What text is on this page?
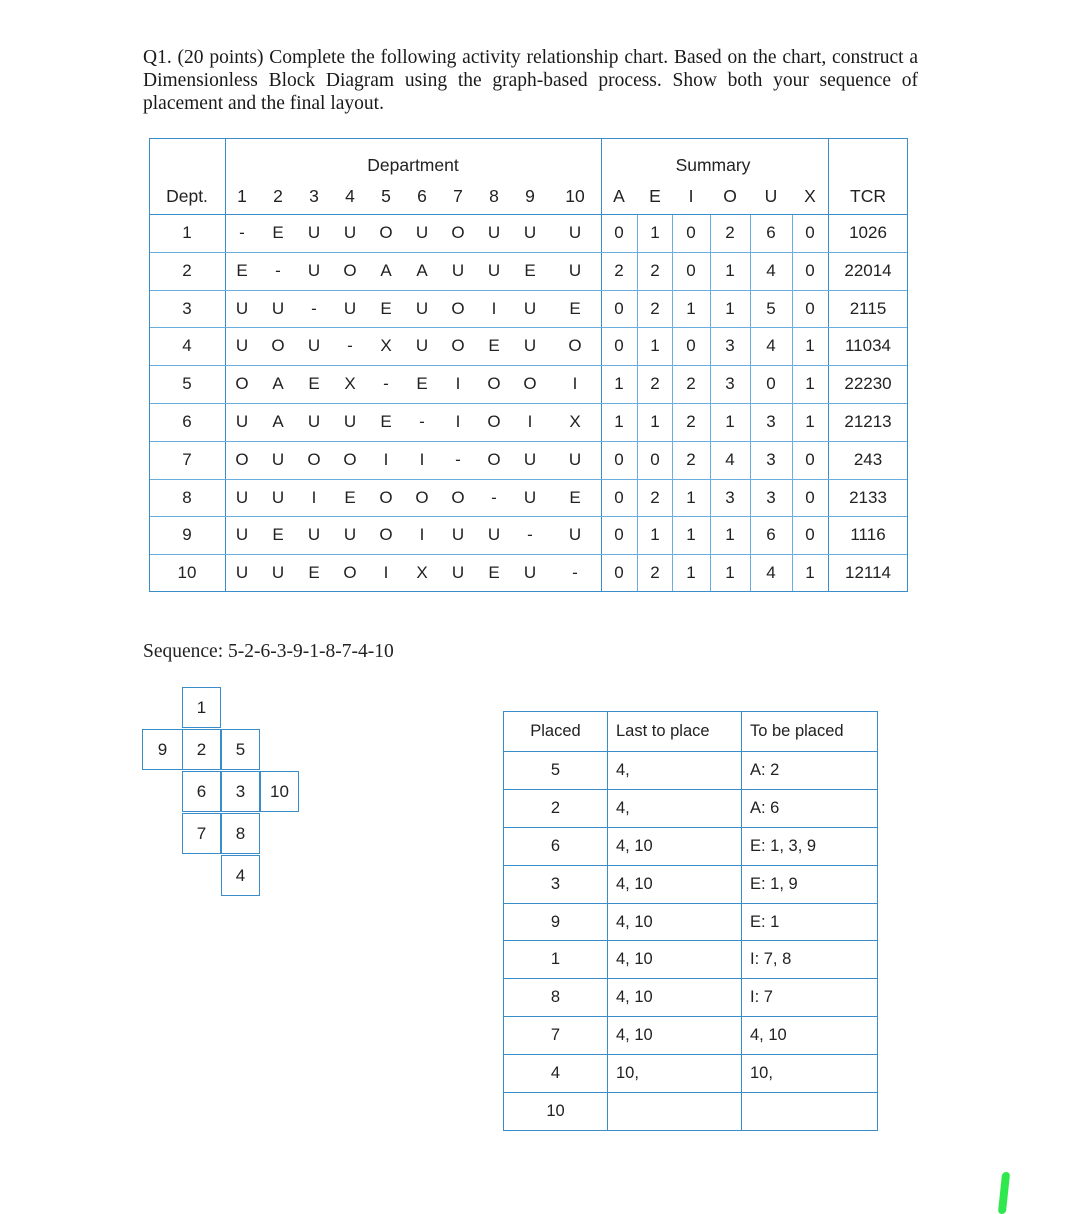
Q1. (20 points) Complete the following activity relationship chart. Based on the chart, construct a Dimensionless Block Diagram using the graph-based process. Show both your sequence of placement and the final layout.
Department	Summary
Dept.	TCR
1 2 3 4 5 6 7 8 9 10 A E I O U X
1	- E U U O U O U U U 0 1 0 2 6 0 1026
2	E - U O A A U U E U 2 2 0 1 4 0 22014
3	U U - U E U O I U E 0 2 1 1 5 0 2115
4	U O U - X U O E U O 0 1 0 3 4 1 11034
5	O A E X - E I O O I 1 2 2 3 0 1 22230
6	U A U U E - I O I X 1 1 2 1 3 1 21213
7	O U O O I I - O U U 0 0 2 4 3 0 243
8	U U I E O O O - U E 0 2 1 3 3 0 2133
9	U E U U O I U U - U 0 1 1 1 6 0 1116
10 U U E O I X U E U - 0 2 1 1 4 1 12114
Sequence: 5-2-6-3-9-1-8-7-4-10
1
9	2	5
6	3	10
7	8
4
Placed	Last to place	To be placed
5	4,	A: 2
2	4,	A: 6
6	4, 10	E: 1, 3, 9
3	4, 10	E: 1, 9
9	4, 10	E: 1
1	4, 10	I: 7, 8
8	4, 10	I: 7
7	4, 10	4, 10
4	10,	10,
10		
